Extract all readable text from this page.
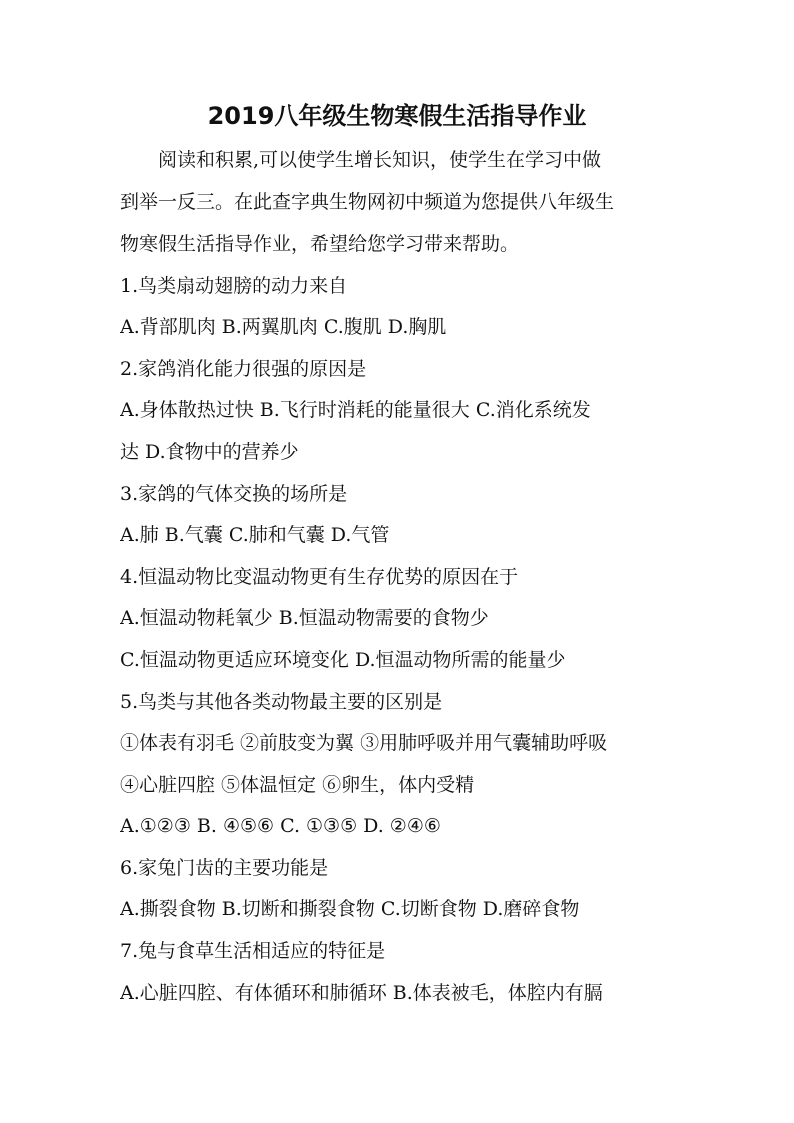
2019八年级生物寒假生活指导作业
阅读和积累,可以使学生增长知识，使学生在学习中做
到举一反三。在此查字典生物网初中频道为您提供八年级生
物寒假生活指导作业，希望给您学习带来帮助。
1.鸟类扇动翅膀的动力来自
A.背部肌肉 B.两翼肌肉 C.腹肌 D.胸肌
2.家鸽消化能力很强的原因是
A.身体散热过快 B.飞行时消耗的能量很大 C.消化系统发
达 D.食物中的营养少
3.家鸽的气体交换的场所是
A.肺 B.气囊 C.肺和气囊 D.气管
4.恒温动物比变温动物更有生存优势的原因在于
A.恒温动物耗氧少 B.恒温动物需要的食物少
C.恒温动物更适应环境变化 D.恒温动物所需的能量少
5.鸟类与其他各类动物最主要的区别是
①体表有羽毛 ②前肢变为翼 ③用肺呼吸并用气囊辅助呼吸
④心脏四腔 ⑤体温恒定 ⑥卵生，体内受精
A.①②③ B. ④⑤⑥ C. ①③⑤ D. ②④⑥
6.家兔门齿的主要功能是
A.撕裂食物 B.切断和撕裂食物 C.切断食物 D.磨碎食物
7.兔与食草生活相适应的特征是
A.心脏四腔、有体循环和肺循环 B.体表被毛，体腔内有膈
